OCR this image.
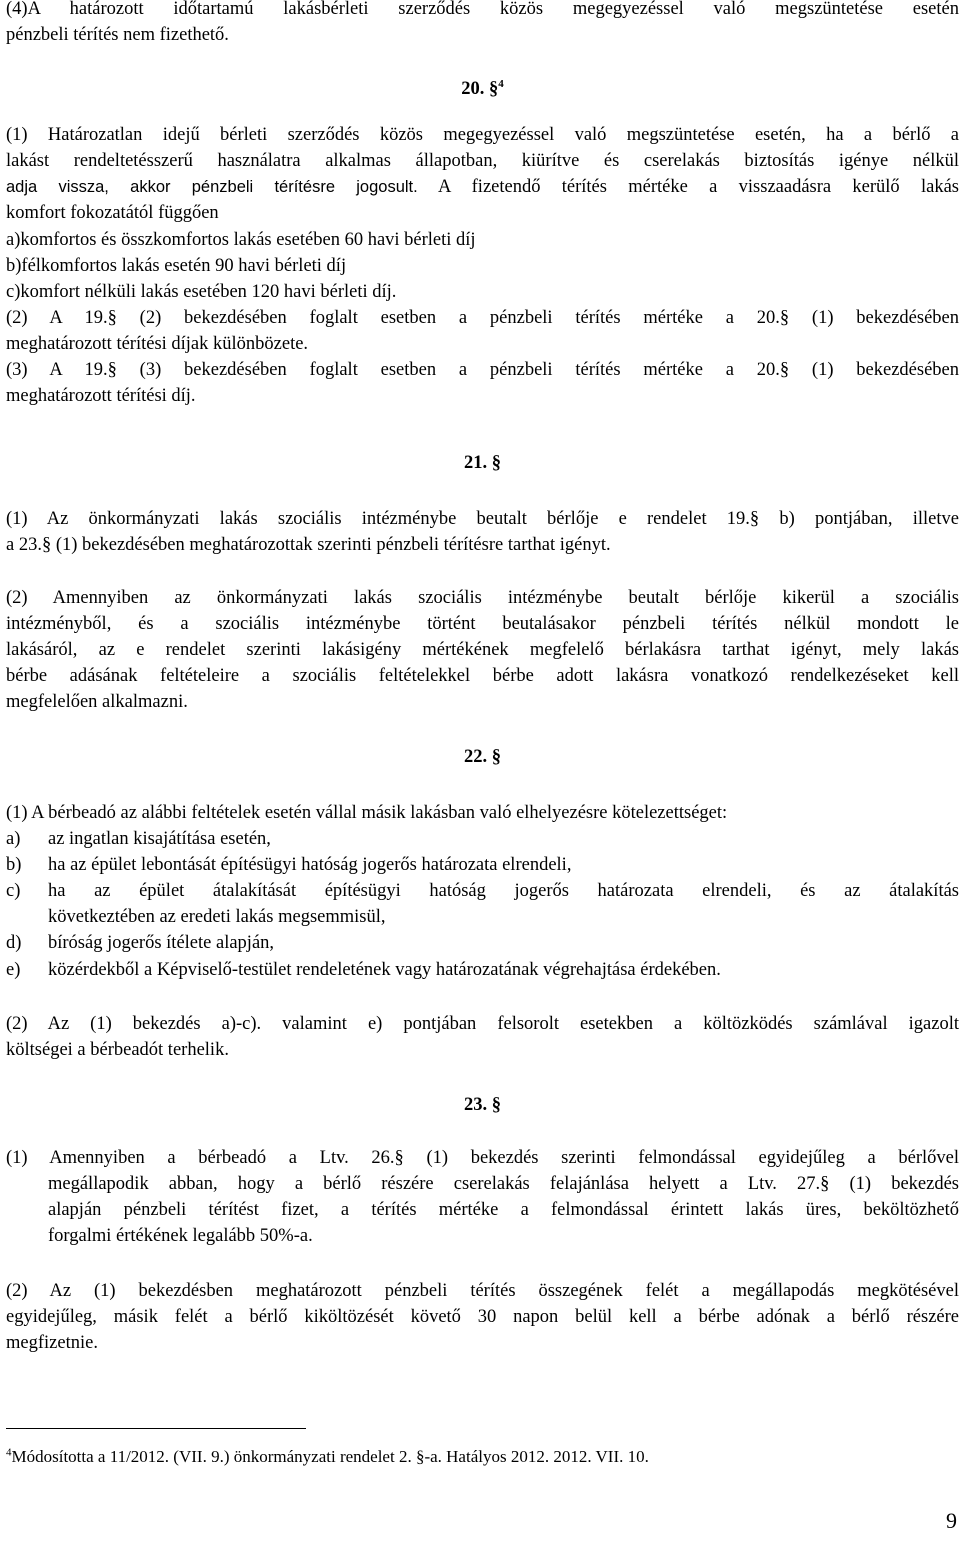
(4)A határozott időtartamú lakásbérleti szerződés közös megegyezéssel való megszüntetése esetén
pénzbeli térítés nem fizethető.
20. §$^4$
(1) Határozatlan idejű bérleti szerződés közös megegyezéssel való megszüntetése esetén, ha a bérlő a
lakást rendeltetésszerű használatra alkalmas állapotban, kiürítve és cserelakás biztosítás igénye nélkül
adja vissza, akkor pénzbeli térítésre jogosult. A fizetendő térítés mértéke a visszaadásra kerülő lakás
komfort fokozatától függően
a)komfortos és összkomfortos lakás esetében 60 havi bérleti díj
b)félkomfortos lakás esetén 90 havi bérleti díj
c)komfort nélküli lakás esetében 120 havi bérleti díj.
(2) A 19.§ (2) bekezdésében foglalt esetben a pénzbeli térítés mértéke a 20.§ (1) bekezdésében
meghatározott térítési díjak különbözete.
(3) A 19.§ (3) bekezdésében foglalt esetben a pénzbeli térítés mértéke a 20.§ (1) bekezdésében
meghatározott térítési díj.
21. §
(1) Az önkormányzati lakás szociális intézménybe beutalt bérlője e rendelet 19.§ b) pontjában, illetve
a 23.§ (1) bekezdésében meghatározottak szerinti pénzbeli térítésre tarthat igényt.
(2) Amennyiben az önkormányzati lakás szociális intézménybe beutalt bérlője kikerül a szociális
intézményből, és a szociális intézménybe történt beutalásakor pénzbeli térítés nélkül mondott le
lakásáról, az e rendelet szerinti lakásigény mértékének megfelelő bérlakásra tarthat igényt, mely lakás
bérbe adásának feltételeire a szociális feltételekkel bérbe adott lakásra vonatkozó rendelkezéseket kell
megfelelően alkalmazni.
22. §
(1) A bérbeadó az alábbi feltételek esetén vállal másik lakásban való elhelyezésre kötelezettséget:
a) az ingatlan kisajátítása esetén,
b) ha az épület lebontását építésügyi hatóság jogerős határozata elrendeli,
c) ha az épület átalakítását építésügyi hatóság jogerős határozata elrendeli, és az átalakítás
következtében az eredeti lakás megsemmisül,
d) bíróság jogerős ítélete alapján,
e) közérdekből a Képviselő-testület rendeletének vagy határozatának végrehajtása érdekében.
(2) Az (1) bekezdés a)-c). valamint e) pontjában felsorolt esetekben a költözködés számlával igazolt
költségei a bérbeadót terhelik.
23. §
(1) Amennyiben a bérbeadó a Ltv. 26.§ (1) bekezdés szerinti felmondással egyidejűleg a bérlővel
megállapodik abban, hogy a bérlő részére cserelakás felajánlása helyett a Ltv. 27.§ (1) bekezdés
alapján pénzbeli térítést fizet, a térítés mértéke a felmondással érintett lakás üres, beköltözhető
forgalmi értékének legalább 50%-a.
(2) Az (1) bekezdésben meghatározott pénzbeli térítés összegének felét a megállapodás megkötésével
egyidejűleg, másik felét a bérlő kiköltözését követő 30 napon belül kell a bérbe adónak a bérlő részére
megfizetnie.
$^4$Módosította a 11/2012. (VII. 9.) önkormányzati rendelet 2. §-a. Hatályos 2012. 2012. VII. 10.
9
